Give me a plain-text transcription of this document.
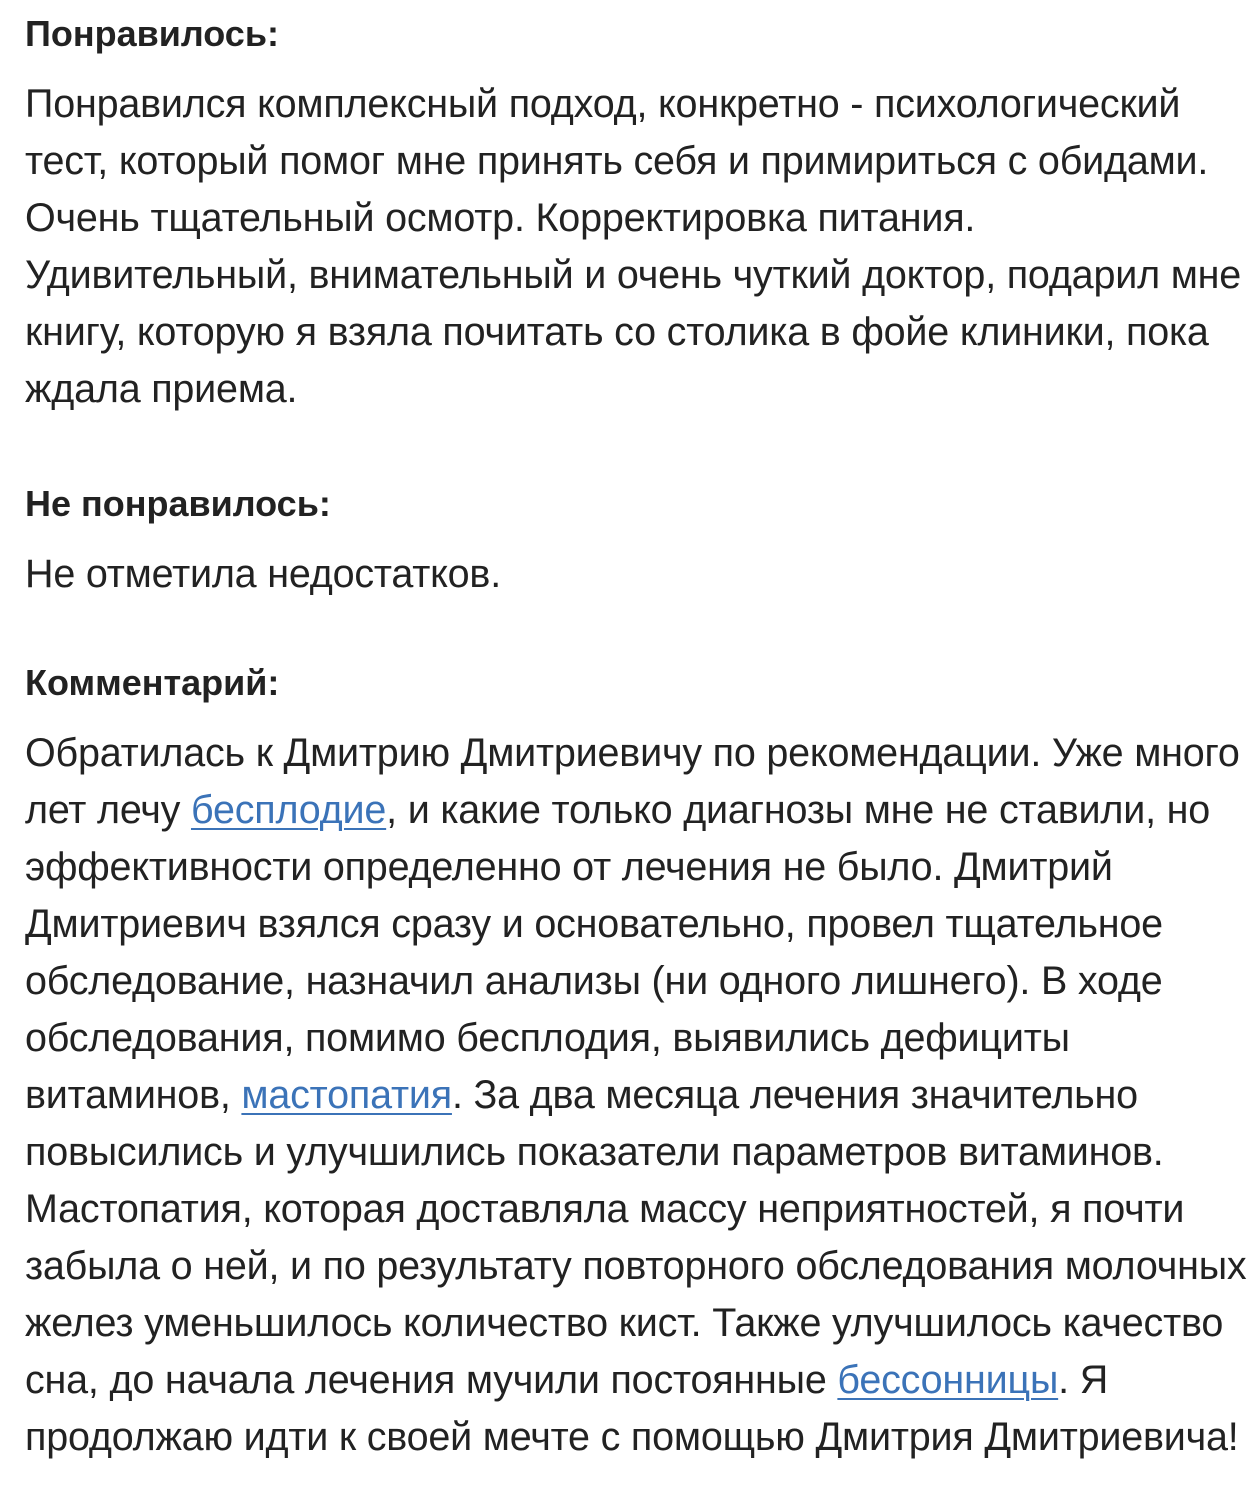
Понравилось:

Понравился комплексный подход, конкретно - психологический тест, который помог мне принять себя и примириться с обидами. Очень тщательный осмотр. Корректировка питания. Удивительный, внимательный и очень чуткий доктор, подарил мне книгу, которую я взяла почитать со столика в фойе клиники, пока ждала приема.

Не понравилось:

Не отметила недостатков.

Комментарий:

Обратилась к Дмитрию Дмитриевичу по рекомендации. Уже много лет лечу бесплодие, и какие только диагнозы мне не ставили, но эффективности определенно от лечения не было. Дмитрий Дмитриевич взялся сразу и основательно, провел тщательное обследование, назначил анализы (ни одного лишнего). В ходе обследования, помимо бесплодия, выявились дефициты витаминов, мастопатия. За два месяца лечения значительно повысились и улучшились показатели параметров витаминов. Мастопатия, которая доставляла массу неприятностей, я почти забыла о ней, и по результату повторного обследования молочных желез уменьшилось количество кист. Также улучшилось качество сна, до начала лечения мучили постоянные бессонницы. Я продолжаю идти к своей мечте с помощью Дмитрия Дмитриевича!
